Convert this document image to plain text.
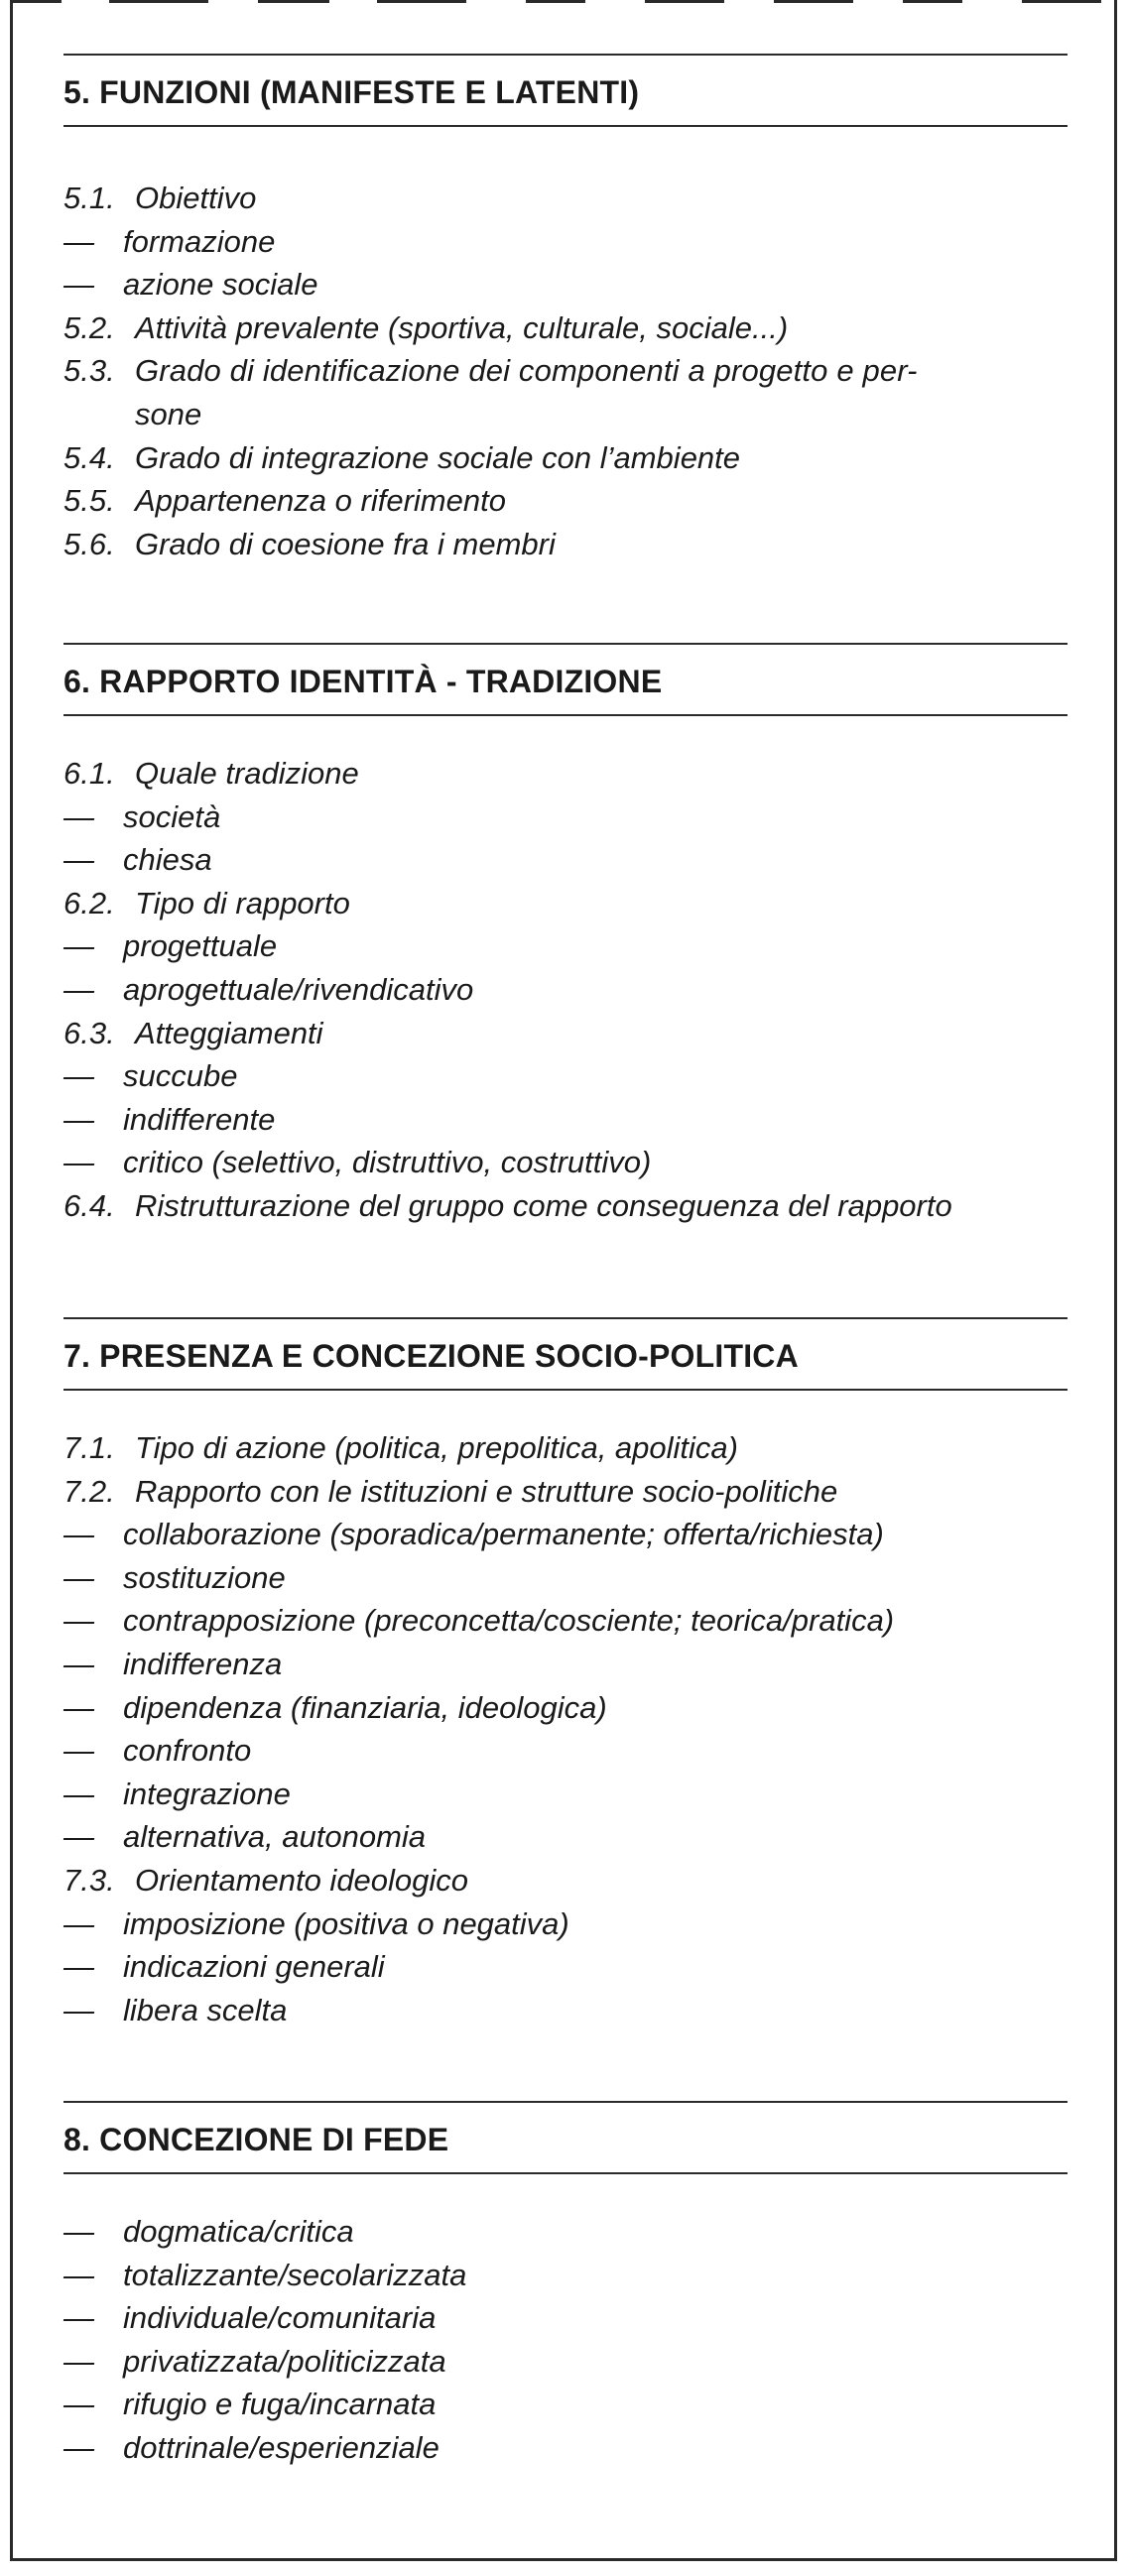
5. FUNZIONI (MANIFESTE E LATENTI)
5.1. Obiettivo
— formazione
— azione sociale
5.2. Attività prevalente (sportiva, culturale, sociale...)
5.3. Grado di identificazione dei componenti a progetto e per-
sone
5.4. Grado di integrazione sociale con l’ambiente
5.5. Appartenenza o riferimento
5.6. Grado di coesione fra i membri
6. RAPPORTO IDENTITÀ - TRADIZIONE
6.1. Quale tradizione
— società
— chiesa
6.2. Tipo di rapporto
— progettuale
— aprogettuale/rivendicativo
6.3. Atteggiamenti
— succube
— indifferente
— critico (selettivo, distruttivo, costruttivo)
6.4. Ristrutturazione del gruppo come conseguenza del rapporto
7. PRESENZA E CONCEZIONE SOCIO-POLITICA
7.1. Tipo di azione (politica, prepolitica, apolitica)
7.2. Rapporto con le istituzioni e strutture socio-politiche
— collaborazione (sporadica/permanente; offerta/richiesta)
— sostituzione
— contrapposizione (preconcetta/cosciente; teorica/pratica)
— indifferenza
— dipendenza (finanziaria, ideologica)
— confronto
— integrazione
— alternativa, autonomia
7.3. Orientamento ideologico
— imposizione (positiva o negativa)
— indicazioni generali
— libera scelta
8. CONCEZIONE DI FEDE
— dogmatica/critica
— totalizzante/secolarizzata
— individuale/comunitaria
— privatizzata/politicizzata
— rifugio e fuga/incarnata
— dottrinale/esperienziale
